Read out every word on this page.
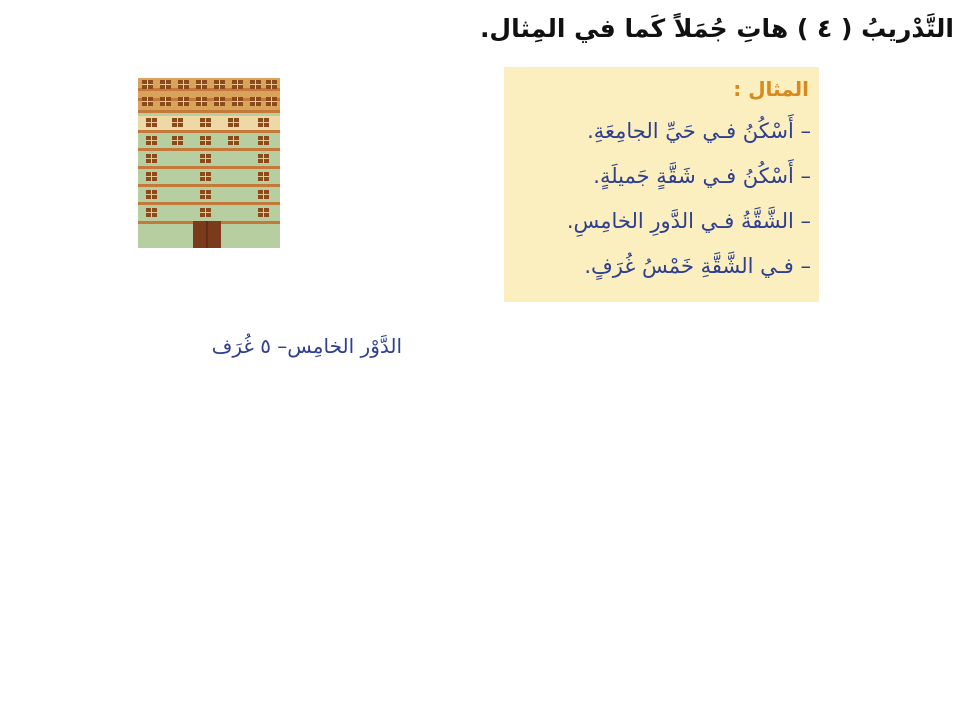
التَّدْريبُ ( ٤ ) هاتِ جُمَلاً كَما في المِثال.
المثال :
– أَسْكُنُ فـي حَيِّ الجامِعَةِ.
– أَسْكُنُ فـي شَقَّةٍ جَميلَةٍ.
– الشَّقَّةُ فـي الدَّورِ الخامِسِ.
– فـي الشَّقَّةِ خَمْسُ غُرَفٍ.
الدَّوْر الخامِس– ٥ غُرَف
